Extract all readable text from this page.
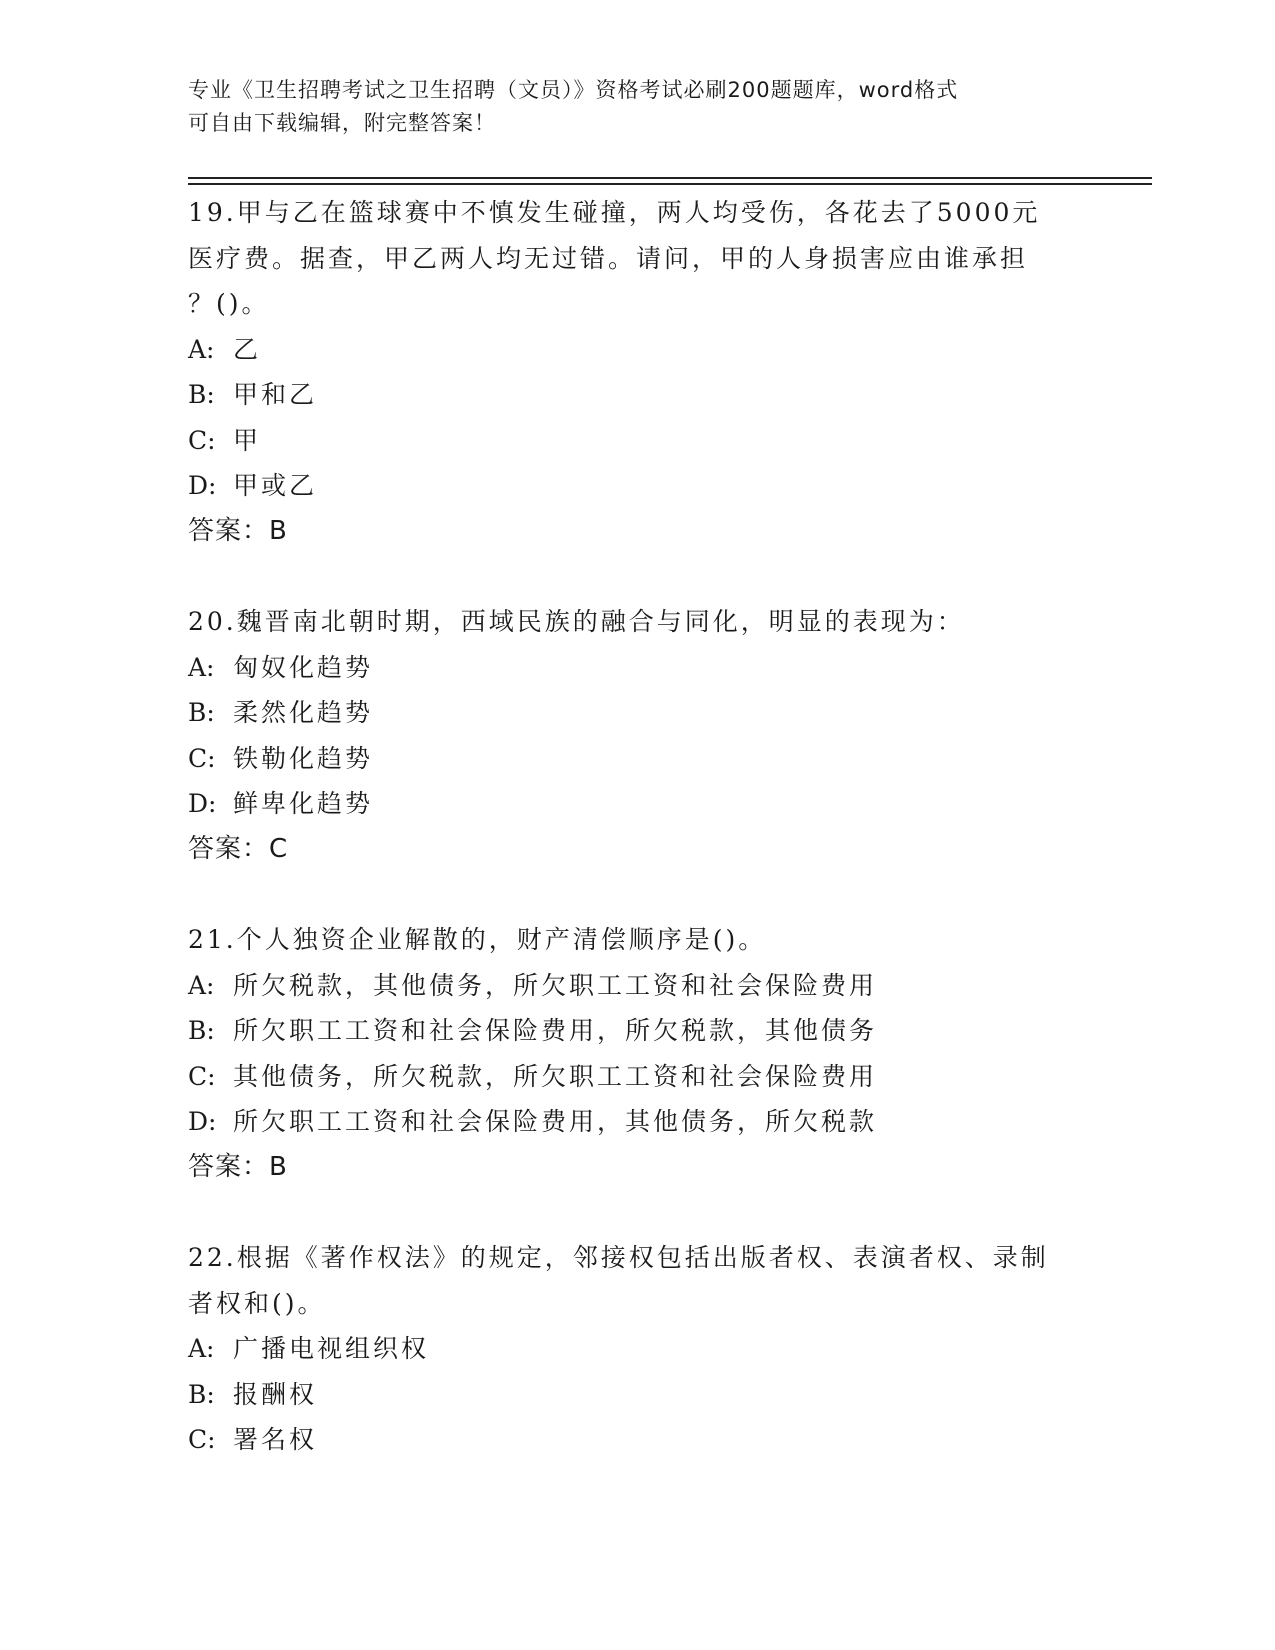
专业《卫生招聘考试之卫生招聘（文员）》资格考试必刷200题题库，word格式
可自由下载编辑，附完整答案！
19.甲与乙在篮球赛中不慎发生碰撞，两人均受伤，各花去了5000元
医疗费。据查，甲乙两人均无过错。请问，甲的人身损害应由谁承担
？()。
A: 乙
B: 甲和乙
C: 甲
D: 甲或乙
答案：B
20.魏晋南北朝时期，西域民族的融合与同化，明显的表现为：
A: 匈奴化趋势
B: 柔然化趋势
C: 铁勒化趋势
D: 鲜卑化趋势
答案：C
21.个人独资企业解散的，财产清偿顺序是()。
A: 所欠税款，其他债务，所欠职工工资和社会保险费用
B: 所欠职工工资和社会保险费用，所欠税款，其他债务
C: 其他债务，所欠税款，所欠职工工资和社会保险费用
D: 所欠职工工资和社会保险费用，其他债务，所欠税款
答案：B
22.根据《著作权法》的规定，邻接权包括出版者权、表演者权、录制
者权和()。
A: 广播电视组织权
B: 报酬权
C: 署名权
